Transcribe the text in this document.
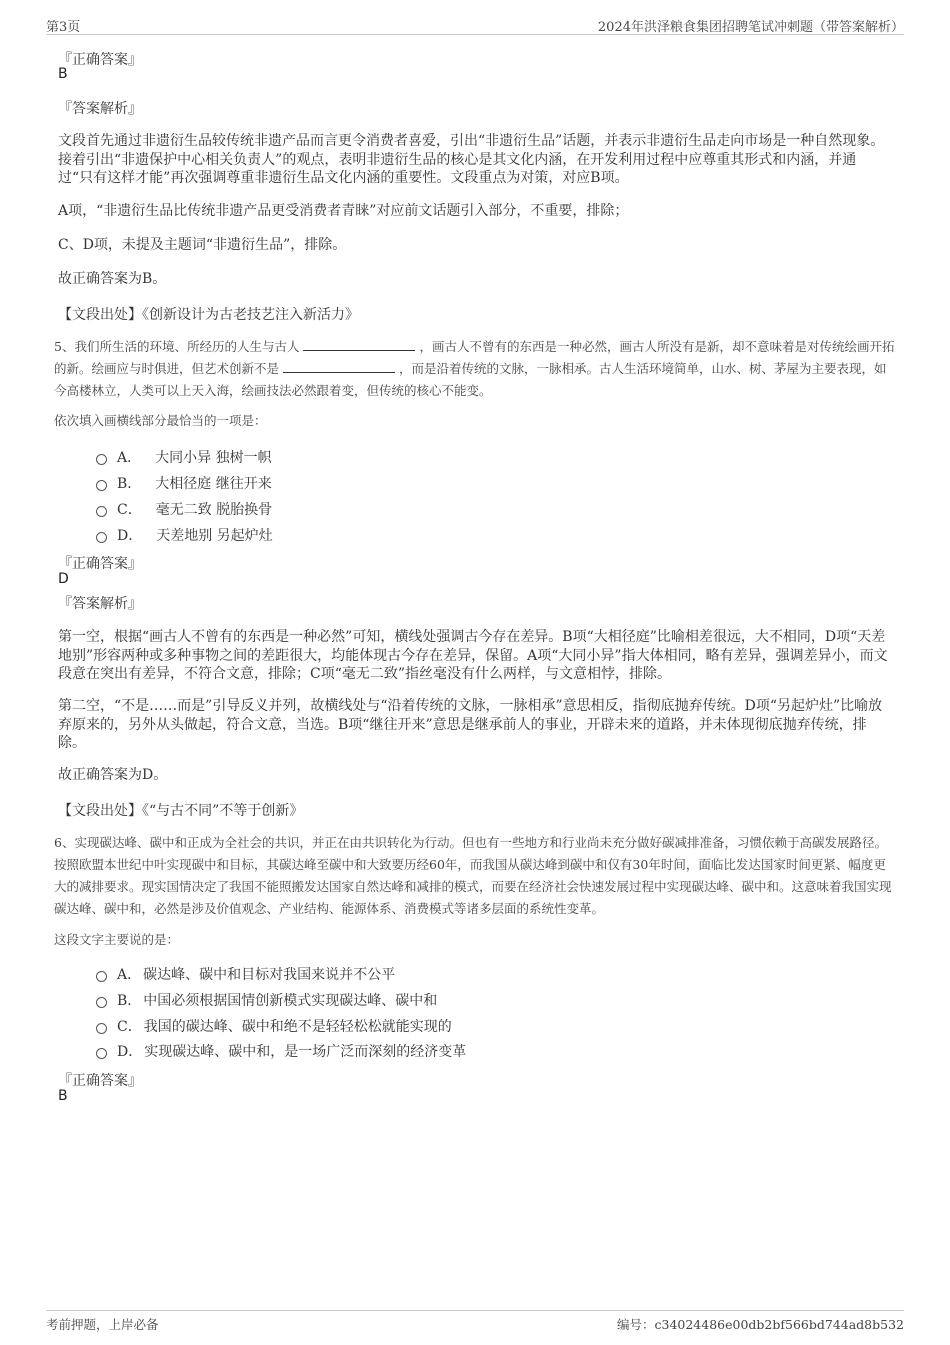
第3页	2024年洪泽粮食集团招聘笔试冲刺题（带答案解析）
『正确答案』
B
『答案解析』

文段首先通过非遗衍生品较传统非遗产品而言更令消费者喜爱，引出“非遗衍生品”话题，并表示非遗衍生品走向市场是一种自然现象。接着引出“非遗保护中心相关负责人”的观点，表明非遗衍生品的核心是其文化内涵，在开发利用过程中应尊重其形式和内涵，并通过“只有这样才能”再次强调尊重非遗衍生品文化内涵的重要性。文段重点为对策，对应B项。

A项，“非遗衍生品比传统非遗产品更受消费者青睐”对应前文话题引入部分，不重要，排除；

C、D项，未提及主题词“非遗衍生品”，排除。

故正确答案为B。

【文段出处】《创新设计为古老技艺注入新活力》

5、我们所生活的环境、所经历的人生与古人	，画古人不曾有的东西是一种必然，画古人所没有是新，却不意味着是对传统绘画开拓的新。绘画应与时俱进，但艺术创新不是	，而是沿着传统的文脉，一脉相承。古人生活环境简单，山水、树、茅屋为主要表现，如今高楼林立，人类可以上天入海，绘画技法必然跟着变，但传统的核心不能变。

依次填入画横线部分最恰当的一项是：
A． 大同小异 独树一帜
B． 大相径庭 继往开来
C． 毫无二致 脱胎换骨
D． 天差地别 另起炉灶
『正确答案』
D
『答案解析』

第一空，根据“画古人不曾有的东西是一种必然”可知，横线处强调古今存在差异。B项“大相径庭”比喻相差很远，大不相同，D项“天差地别”形容两种或多种事物之间的差距很大，均能体现古今存在差异，保留。A项“大同小异”指大体相同，略有差异，强调差异小，而文段意在突出有差异，不符合文意，排除；C项“毫无二致”指丝毫没有什么两样，与文意相悖，排除。

第二空，“不是……而是”引导反义并列，故横线处与“沿着传统的文脉，一脉相承”意思相反，指彻底抛弃传统。D项“另起炉灶”比喻放弃原来的，另外从头做起，符合文意，当选。B项“继往开来”意思是继承前人的事业，开辟未来的道路，并未体现彻底抛弃传统，排除。

故正确答案为D。

【文段出处】《“与古不同”不等于创新》

6、实现碳达峰、碳中和正成为全社会的共识，并正在由共识转化为行动。但也有一些地方和行业尚未充分做好碳减排准备，习惯依赖于高碳发展路径。按照欧盟本世纪中叶实现碳中和目标，其碳达峰至碳中和大致要历经60年，而我国从碳达峰到碳中和仅有30年时间，面临比发达国家时间更紧、幅度更大的减排要求。现实国情决定了我国不能照搬发达国家自然达峰和减排的模式，而要在经济社会快速发展过程中实现碳达峰、碳中和。这意味着我国实现碳达峰、碳中和，必然是涉及价值观念、产业结构、能源体系、消费模式等诸多层面的系统性变革。

这段文字主要说的是：
A． 碳达峰、碳中和目标对我国来说并不公平
B． 中国必须根据国情创新模式实现碳达峰、碳中和
C． 我国的碳达峰、碳中和绝不是轻轻松松就能实现的
D． 实现碳达峰、碳中和，是一场广泛而深刻的经济变革
『正确答案』
B
考前押题，上岸必备	编号：c34024486e00db2bf566bd744ad8b532
